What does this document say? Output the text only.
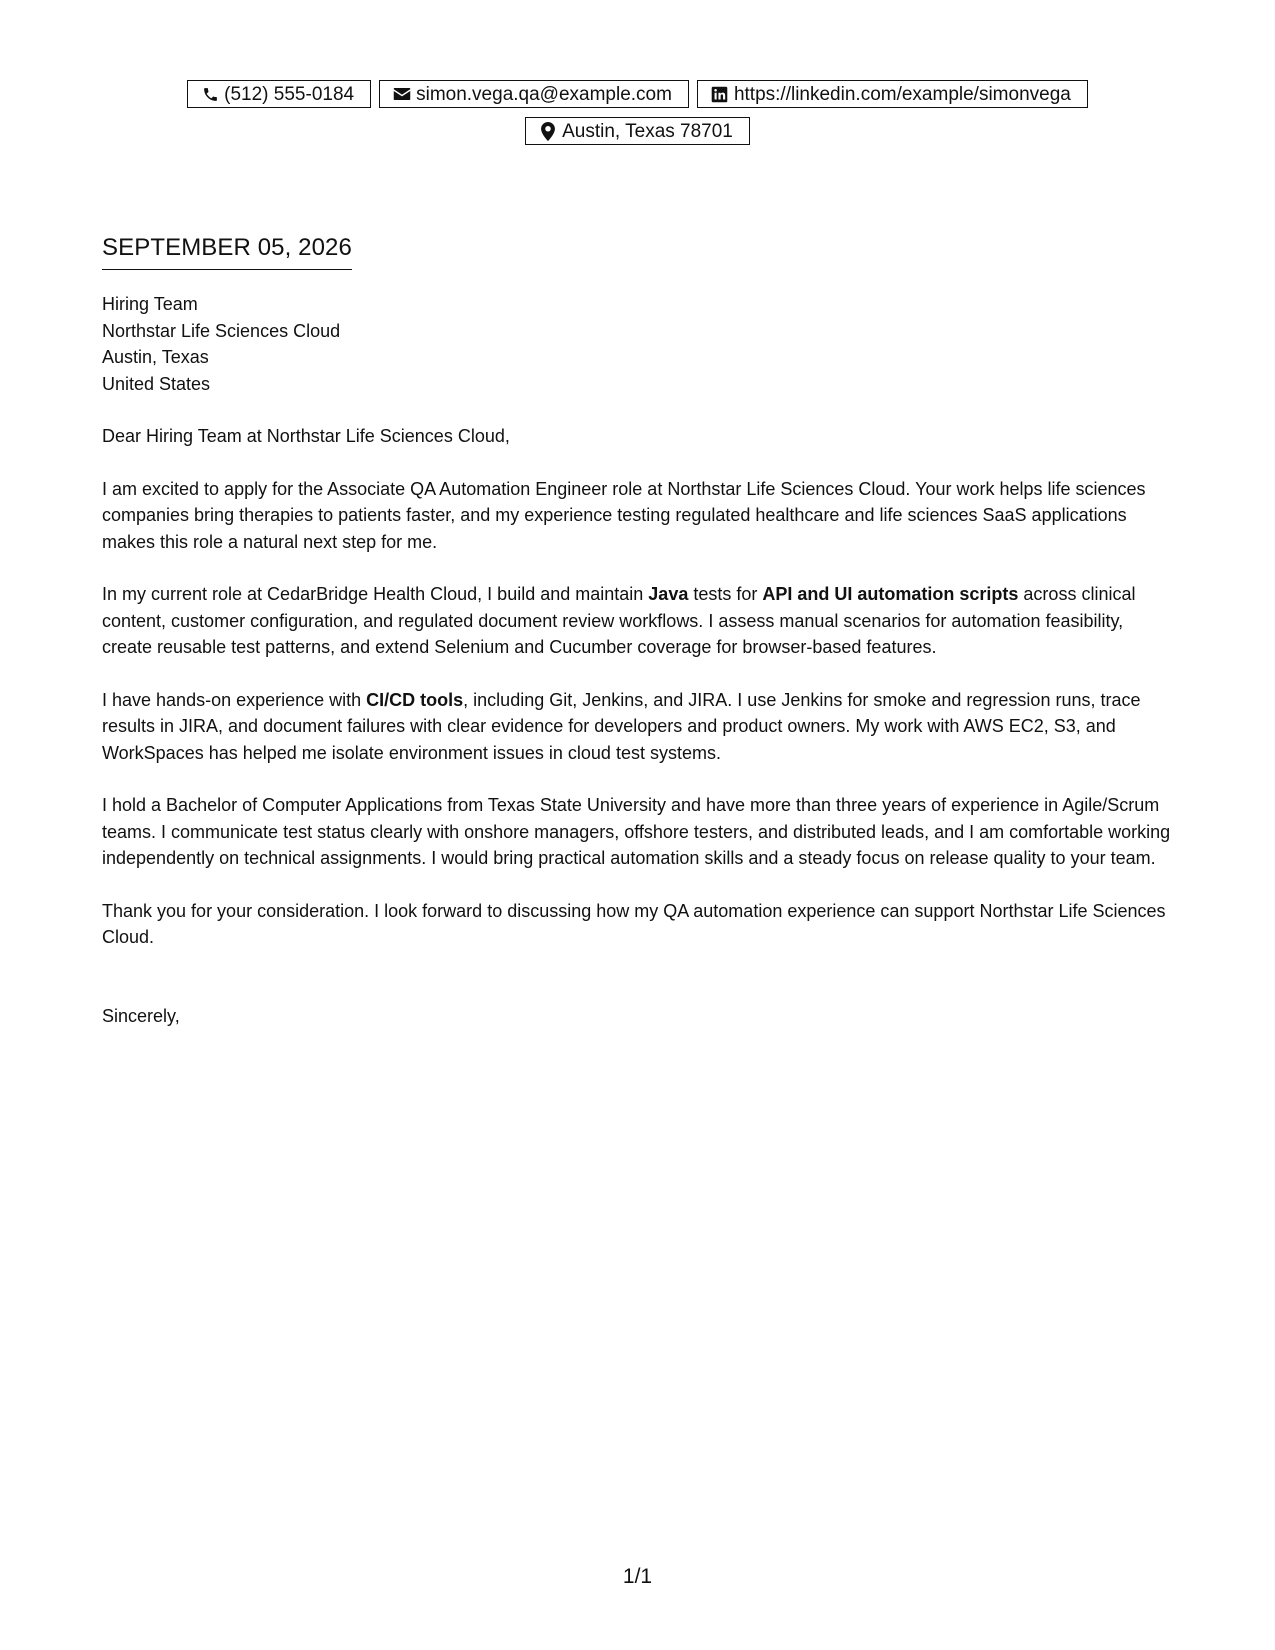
(512) 555-0184	simon.vega.qa@example.com	https://linkedin.com/example/simonvega
Austin, Texas 78701
SEPTEMBER 05, 2026
Hiring Team
Northstar Life Sciences Cloud
Austin, Texas
United States

Dear Hiring Team at Northstar Life Sciences Cloud,

I am excited to apply for the Associate QA Automation Engineer role at Northstar Life Sciences Cloud. Your work helps life sciences companies bring therapies to patients faster, and my experience testing regulated healthcare and life sciences SaaS applications makes this role a natural next step for me.

In my current role at CedarBridge Health Cloud, I build and maintain Java tests for API and UI automation scripts across clinical content, customer configuration, and regulated document review workflows. I assess manual scenarios for automation feasibility, create reusable test patterns, and extend Selenium and Cucumber coverage for browser-based features.

I have hands-on experience with CI/CD tools, including Git, Jenkins, and JIRA. I use Jenkins for smoke and regression runs, trace results in JIRA, and document failures with clear evidence for developers and product owners. My work with AWS EC2, S3, and WorkSpaces has helped me isolate environment issues in cloud test systems.

I hold a Bachelor of Computer Applications from Texas State University and have more than three years of experience in Agile/Scrum teams. I communicate test status clearly with onshore managers, offshore testers, and distributed leads, and I am comfortable working independently on technical assignments. I would bring practical automation skills and a steady focus on release quality to your team.

Thank you for your consideration. I look forward to discussing how my QA automation experience can support Northstar Life Sciences Cloud.

Sincerely,

1/1
